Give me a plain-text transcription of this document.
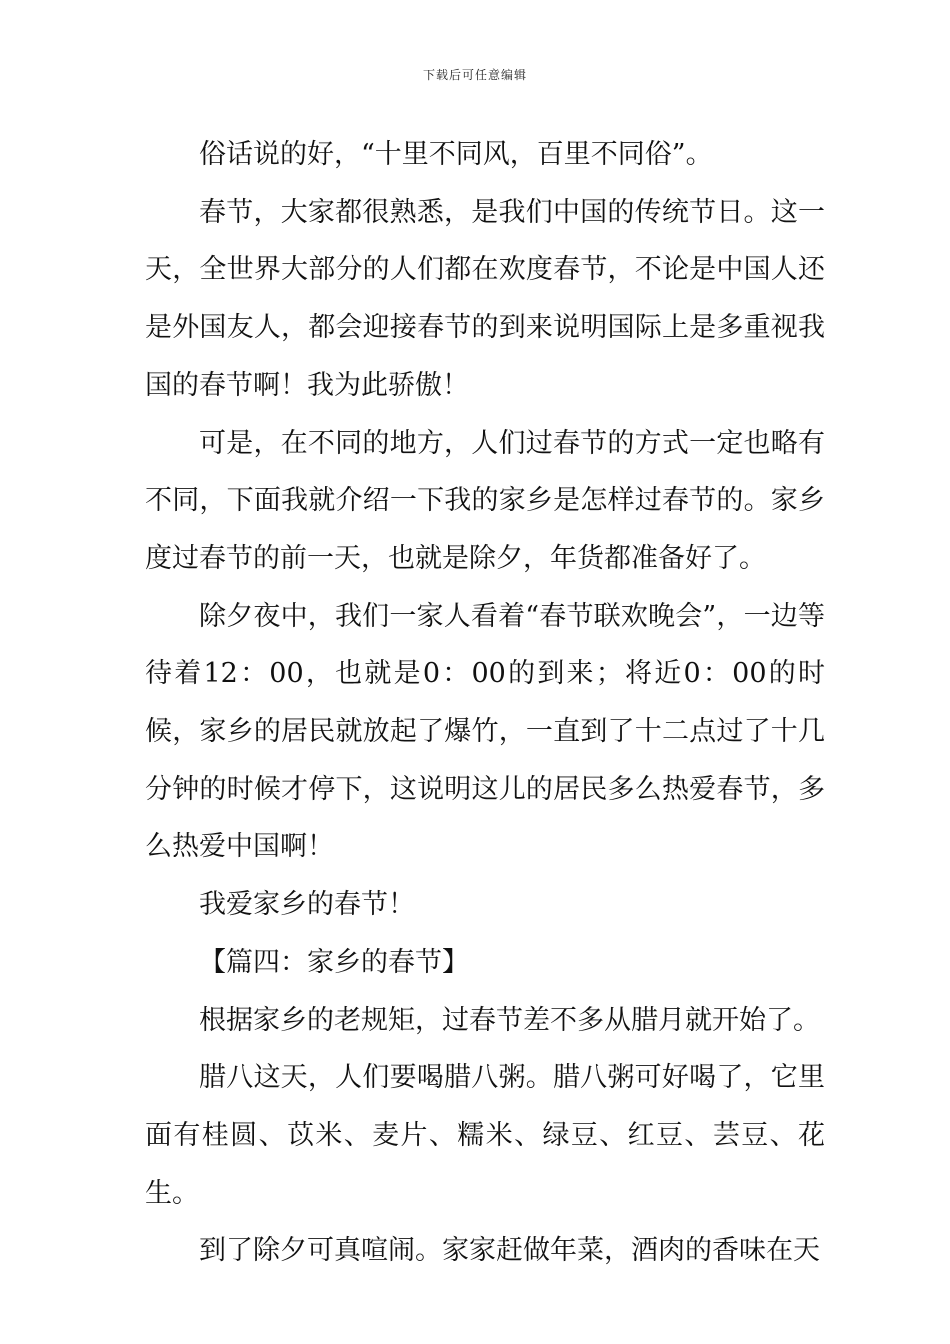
下载后可任意编辑

俗话说的好，“十里不同风，百里不同俗”。

春节，大家都很熟悉，是我们中国的传统节日。这一天，全世界大部分的人们都在欢度春节，不论是中国人还是外国友人，都会迎接春节的到来说明国际上是多重视我国的春节啊！我为此骄傲！

可是，在不同的地方，人们过春节的方式一定也略有不同，下面我就介绍一下我的家乡是怎样过春节的。家乡度过春节的前一天，也就是除夕，年货都准备好了。

除夕夜中，我们一家人看着“春节联欢晚会”，一边等待着12：00，也就是0：00的到来；将近0：00的时候，家乡的居民就放起了爆竹，一直到了十二点过了十几分钟的时候才停下，这说明这儿的居民多么热爱春节，多么热爱中国啊！

我爱家乡的春节！

【篇四：家乡的春节】

根据家乡的老规矩，过春节差不多从腊月就开始了。

腊八这天，人们要喝腊八粥。腊八粥可好喝了，它里面有桂圆、苡米、麦片、糯米、绿豆、红豆、芸豆、花生。

到了除夕可真喧闹。家家赶做年菜，酒肉的香味在天
